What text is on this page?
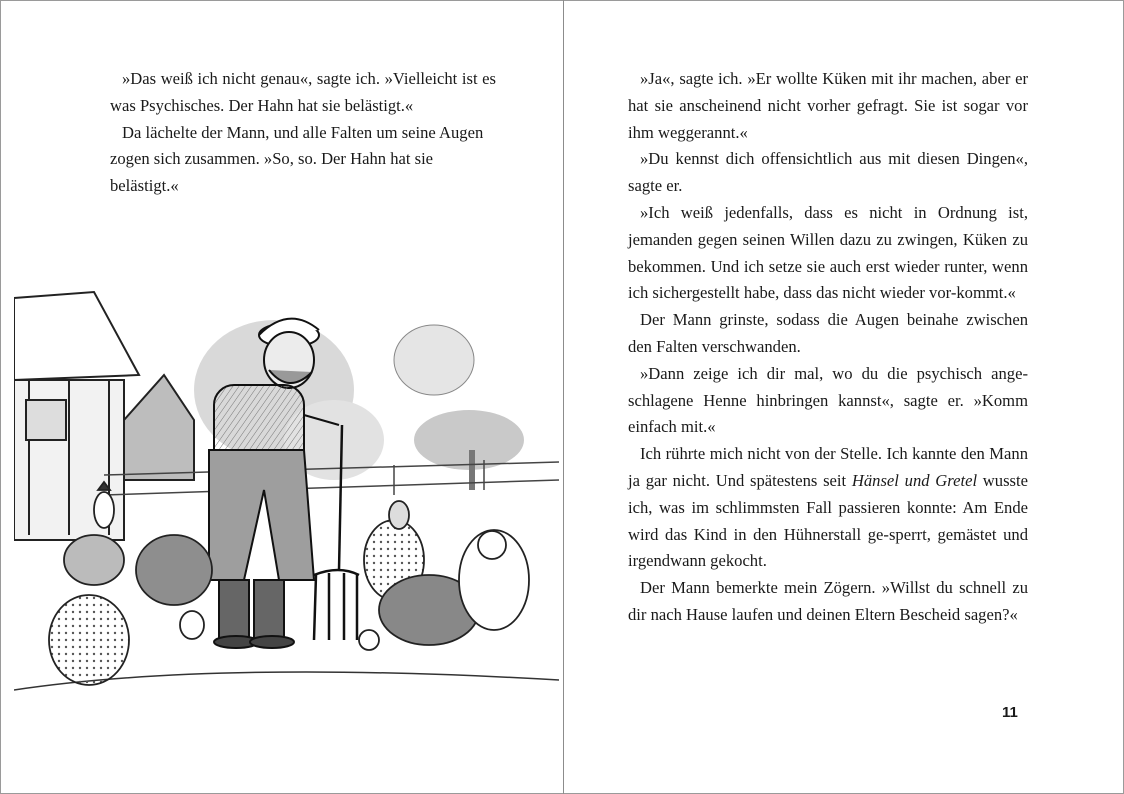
»Das weiß ich nicht genau«, sagte ich. »Vielleicht ist es was Psychisches. Der Hahn hat sie belästigt.«

Da lächelte der Mann, und alle Falten um seine Augen zogen sich zusammen. »So, so. Der Hahn hat sie belästigt.«

»Ja«, sagte ich. »Er wollte Küken mit ihr machen, aber er hat sie anscheinend nicht vorher gefragt. Sie ist sogar vor ihm weggerannt.«

»Du kennst dich offensichtlich aus mit diesen Dingen«, sagte er.

»Ich weiß jedenfalls, dass es nicht in Ordnung ist, jemanden gegen seinen Willen dazu zu zwingen, Küken zu bekommen. Und ich setze sie auch erst wieder runter, wenn ich sichergestellt habe, dass das nicht wieder vor-kommt.«

Der Mann grinste, sodass die Augen beinahe zwischen den Falten verschwanden.

»Dann zeige ich dir mal, wo du die psychisch ange-schlagene Henne hinbringen kannst«, sagte er. »Komm einfach mit.«

Ich rührte mich nicht von der Stelle. Ich kannte den Mann ja gar nicht. Und spätestens seit Hänsel und Gretel wusste ich, was im schlimmsten Fall passieren konnte: Am Ende wird das Kind in den Hühnerstall ge-sperrt, gemästet und irgendwann gekocht.

Der Mann bemerkte mein Zögern. »Willst du schnell zu dir nach Hause laufen und deinen Eltern Bescheid sagen?«

11
